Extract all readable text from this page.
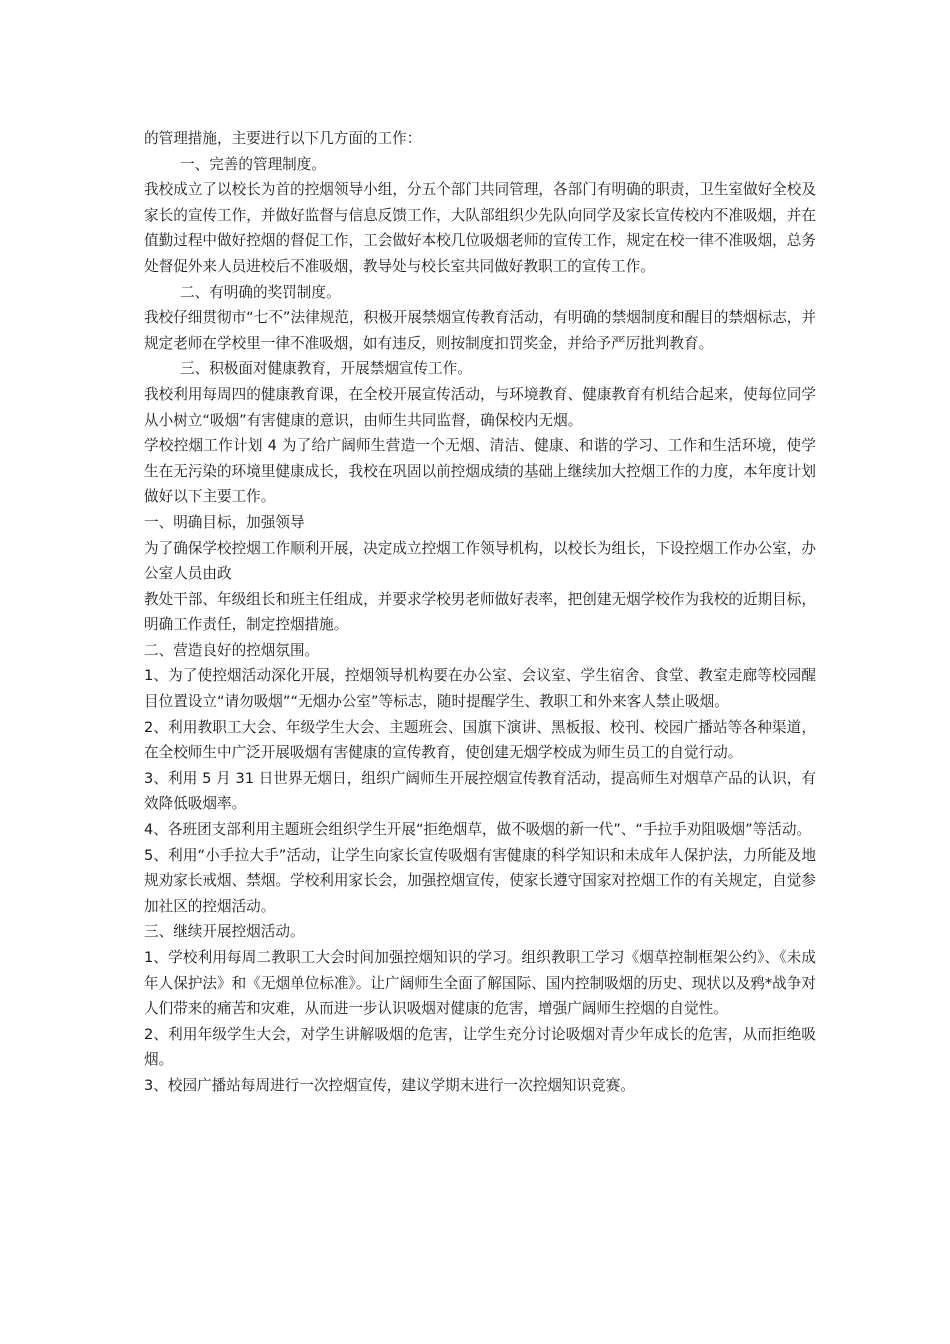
的管理措施，主要进行以下几方面的工作：

一、完善的管理制度。

我校成立了以校长为首的控烟领导小组，分五个部门共同管理，各部门有明确的职责，卫生室做好全校及家长的宣传工作，并做好监督与信息反馈工作，大队部组织少先队向同学及家长宣传校内不准吸烟，并在值勤过程中做好控烟的督促工作，工会做好本校几位吸烟老师的宣传工作，规定在校一律不准吸烟，总务处督促外来人员进校后不准吸烟，教导处与校长室共同做好教职工的宣传工作。

二、有明确的奖罚制度。

我校仔细贯彻市“七不”法律规范，积极开展禁烟宣传教育活动，有明确的禁烟制度和醒目的禁烟标志，并规定老师在学校里一律不准吸烟，如有违反，则按制度扣罚奖金，并给予严厉批判教育。

三、积极面对健康教育，开展禁烟宣传工作。

我校利用每周四的健康教育课，在全校开展宣传活动，与环境教育、健康教育有机结合起来，使每位同学从小树立“吸烟”有害健康的意识，由师生共同监督，确保校内无烟。

学校控烟工作计划 4 为了给广阔师生营造一个无烟、清洁、健康、和谐的学习、工作和生活环境，使学生在无污染的环境里健康成长，我校在巩固以前控烟成绩的基础上继续加大控烟工作的力度，本年度计划做好以下主要工作。

一、明确目标，加强领导

为了确保学校控烟工作顺利开展，决定成立控烟工作领导机构，以校长为组长，下设控烟工作办公室，办公室人员由政

教处干部、年级组长和班主任组成，并要求学校男老师做好表率，把创建无烟学校作为我校的近期目标，明确工作责任，制定控烟措施。

二、营造良好的控烟氛围。

1、为了使控烟活动深化开展，控烟领导机构要在办公室、会议室、学生宿舍、食堂、教室走廊等校园醒目位置设立“请勿吸烟”“无烟办公室”等标志，随时提醒学生、教职工和外来客人禁止吸烟。

2、利用教职工大会、年级学生大会、主题班会、国旗下演讲、黑板报、校刊、校园广播站等各种渠道，在全校师生中广泛开展吸烟有害健康的宣传教育，使创建无烟学校成为师生员工的自觉行动。

3、利用 5 月 31 日世界无烟日，组织广阔师生开展控烟宣传教育活动，提高师生对烟草产品的认识，有效降低吸烟率。

4、各班团支部利用主题班会组织学生开展“拒绝烟草，做不吸烟的新一代”、“手拉手劝阻吸烟”等活动。

5、利用“小手拉大手”活动，让学生向家长宣传吸烟有害健康的科学知识和未成年人保护法，力所能及地规劝家长戒烟、禁烟。学校利用家长会，加强控烟宣传，使家长遵守国家对控烟工作的有关规定，自觉参加社区的控烟活动。

三、继续开展控烟活动。

1、学校利用每周二教职工大会时间加强控烟知识的学习。组织教职工学习《烟草控制框架公约》、《未成年人保护法》和《无烟单位标准》。让广阔师生全面了解国际、国内控制吸烟的历史、现状以及鸦*战争对人们带来的痛苦和灾难，从而进一步认识吸烟对健康的危害，增强广阔师生控烟的自觉性。

2、利用年级学生大会，对学生讲解吸烟的危害，让学生充分讨论吸烟对青少年成长的危害，从而拒绝吸烟。

3、校园广播站每周进行一次控烟宣传，建议学期末进行一次控烟知识竞赛。
